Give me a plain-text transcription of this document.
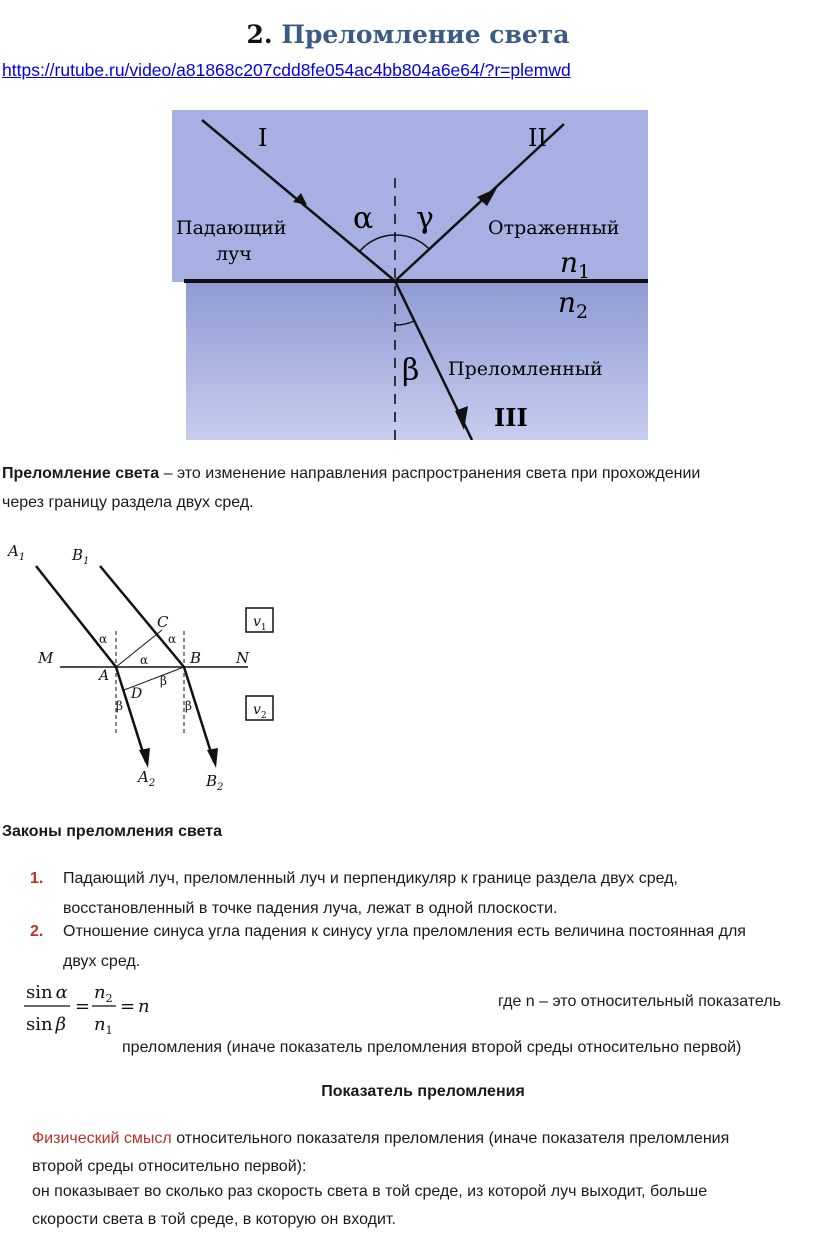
2. Преломление света
https://rutube.ru/video/a81868c207cdd8fe054ac4bb804a6e64/?r=plemwd
I	II
III
Падающий
луч
Отраженный
Преломленный
α γ
β
$n_1$
$n_2$
Преломление света – это изменение направления распространения света при прохождении
через границу раздела двух сред.
$A_1$	$B_1$
C
M	N
B
A
D
$A_2$	$B_2$
$v_1$
$v_2$
α	α
α
β
β	β
Законы преломления света
1. Падающий луч, преломленный луч и перпендикуляр к границе раздела двух сред,
восстановленный в точке падения луча, лежат в одной плоскости.
2. Отношение синуса угла падения к синусу угла преломления есть величина постоянная для
двух сред.
sin α
sin β
=
$n_2$
$n_1$
= n	где n – это относительный показатель
преломления (иначе показатель преломления второй среды относительно первой)
Показатель преломления
Физический смысл относительного показателя преломления (иначе показателя преломления
второй среды относительно первой):
он показывает во сколько раз скорость света в той среде, из которой луч выходит, больше
скорости света в той среде, в которую он входит.
